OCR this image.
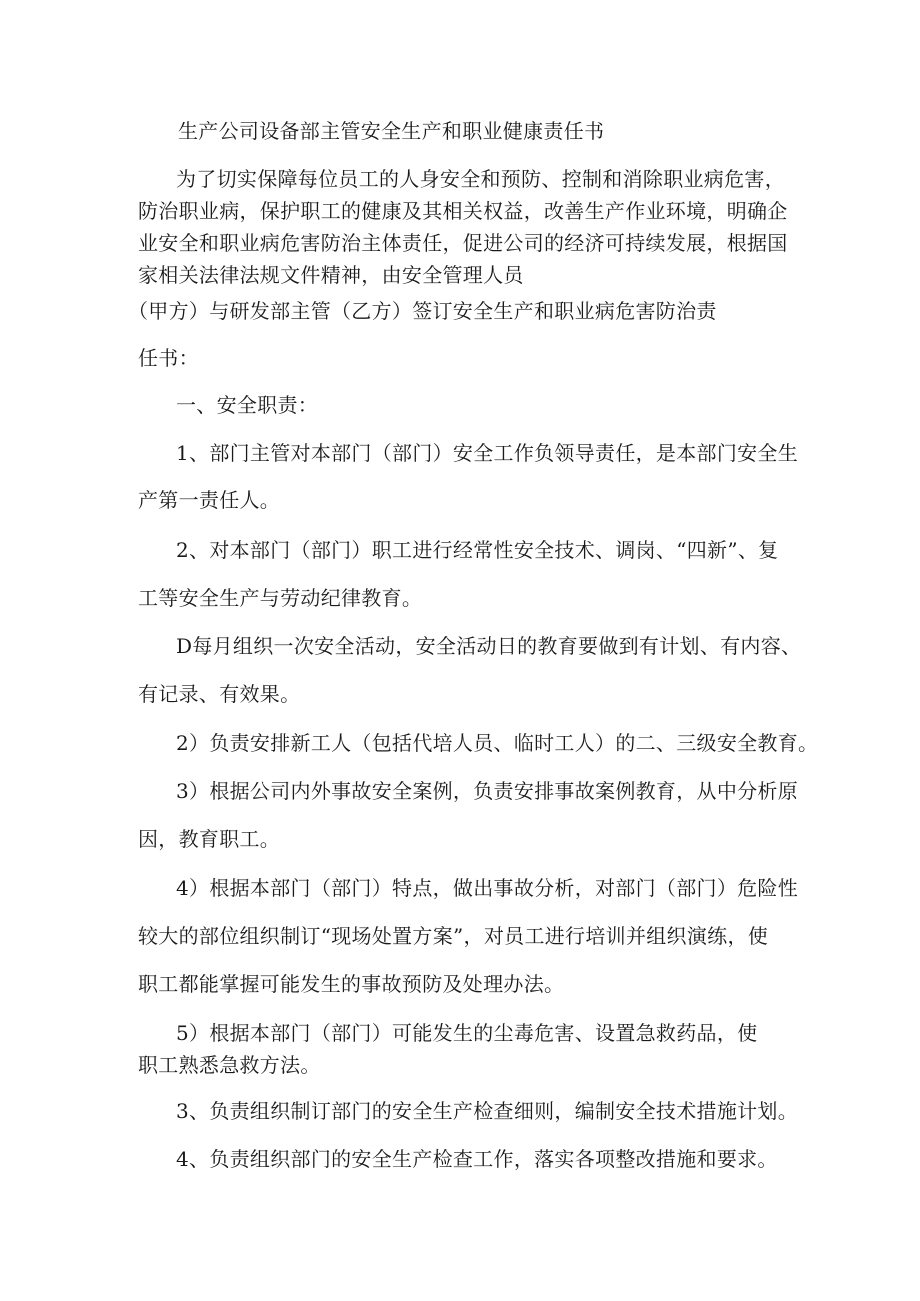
生产公司设备部主管安全生产和职业健康责任书
为了切实保障每位员工的人身安全和预防、控制和消除职业病危害，
防治职业病，保护职工的健康及其相关权益，改善生产作业环境，明确企
业安全和职业病危害防治主体责任，促进公司的经济可持续发展，根据国
家相关法律法规文件精神，由安全管理人员
（甲方）与研发部主管（乙方）签订安全生产和职业病危害防治责
任书：
一、安全职责：
1、部门主管对本部门（部门）安全工作负领导责任，是本部门安全生
产第一责任人。
2、对本部门（部门）职工进行经常性安全技术、调岗、“四新”、复
工等安全生产与劳动纪律教育。
D每月组织一次安全活动，安全活动日的教育要做到有计划、有内容、
有记录、有效果。
2）负责安排新工人（包括代培人员、临时工人）的二、三级安全教育。
3）根据公司内外事故安全案例，负责安排事故案例教育，从中分析原
因，教育职工。
4）根据本部门（部门）特点，做出事故分析，对部门（部门）危险性
较大的部位组织制订“现场处置方案”，对员工进行培训并组织演练，使
职工都能掌握可能发生的事故预防及处理办法。
5）根据本部门（部门）可能发生的尘毒危害、设置急救药品，使
职工熟悉急救方法。
3、负责组织制订部门的安全生产检查细则，编制安全技术措施计划。
4、负责组织部门的安全生产检查工作，落实各项整改措施和要求。
